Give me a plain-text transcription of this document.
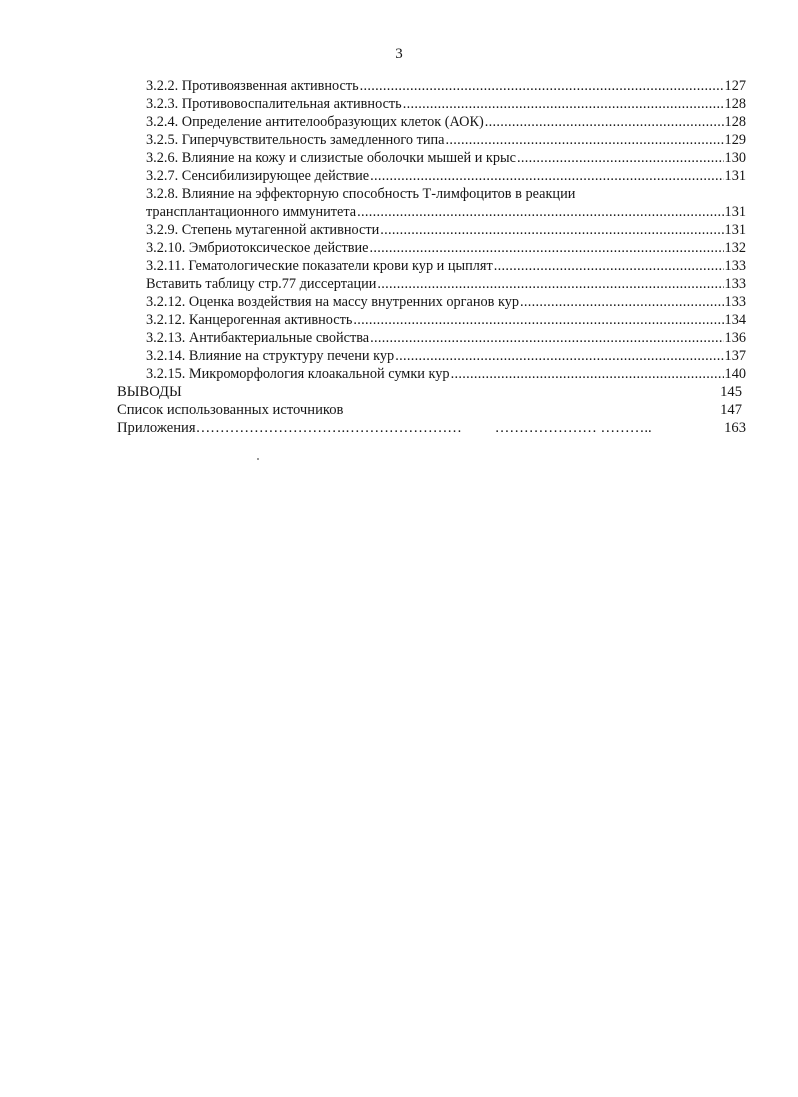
3
3.2.2. Противоязвенная активность .....	127
3.2.3. Противовоспалительная активность .....	128
3.2.4. Определение антителообразующих клеток (АОК) .....	128
3.2.5. Гиперчувствительность замедленного типа .....	129
3.2.6. Влияние на кожу и слизистые оболочки мышей и крыс .....	130
3.2.7. Сенсибилизирующее действие .....	131
3.2.8. Влияние на эффекторную способность Т-лимфоцитов в реакции
трансплантационного иммунитета .....	131
3.2.9. Степень мутагенной активности .....	131
3.2.10. Эмбриотоксическое действие .....	132
3.2.11. Гематологические показатели крови кур и цыплят .....	133
Вставить таблицу стр.77 диссертации .....	133
3.2.12. Оценка воздействия на массу внутренних органов кур .....	133
3.2.12. Канцерогенная активность .....	134
3.2.13. Антибактериальные свойства .....	136
3.2.14. Влияние на структуру печени кур .....	137
3.2.15. Микроморфология клоакальной сумки кур .....	140
ВЫВОДЫ	145
Список использованных источников	147
Приложения ………………………….……………………         ………………… ………..	163
